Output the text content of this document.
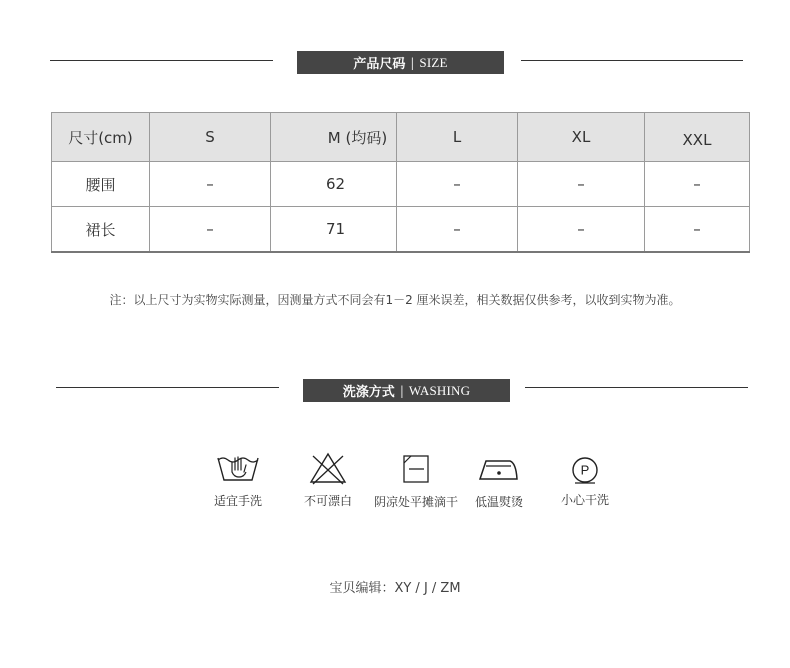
产品尺码 | SIZE
尺寸(cm)	S	M (均码)	L	XL	XXL
腰围	–	62	–	–	–
裙长	–	71	–	–	–
注：以上尺寸为实物实际测量，因测量方式不同会有1－2 厘米误差，相关数据仅供参考，以收到实物为准。
洗涤方式 | WASHING
适宜手洗	不可漂白	阴凉处平摊滴干	低温熨烫
P
小心干洗
宝贝编辑：XY / J / ZM
